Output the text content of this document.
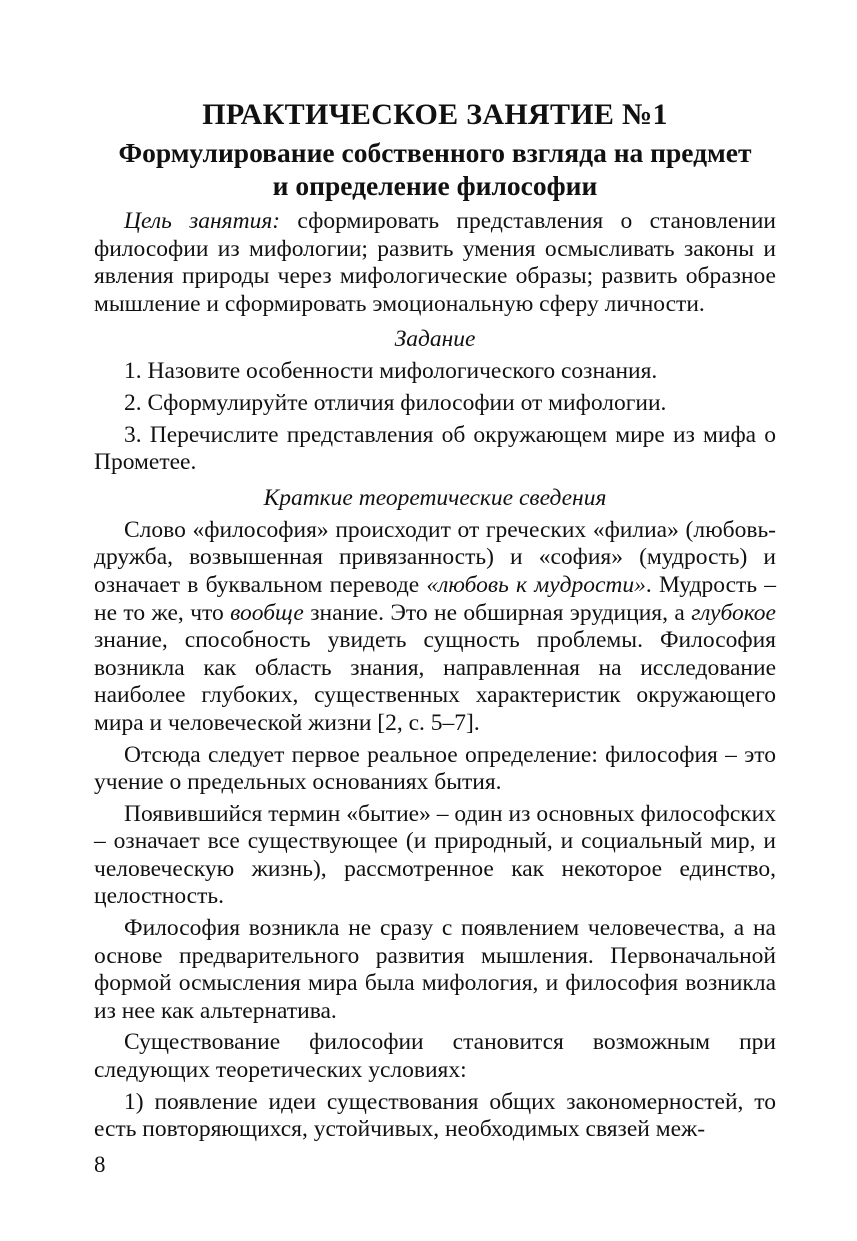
ПРАКТИЧЕСКОЕ ЗАНЯТИЕ №1
Формулирование собственного взгляда на предмет
и определение философии

Цель занятия: сформировать представления о становлении философии из мифологии; развить умения осмысливать законы и явления природы через мифологические образы; развить образное мышление и сформировать эмоциональную сферу личности.

Задание

1. Назовите особенности мифологического сознания.

2. Сформулируйте отличия философии от мифологии.

3. Перечислите представления об окружающем мире из мифа о Прометее.

Краткие теоретические сведения

Слово «философия» происходит от греческих «филиа» (любовь-дружба, возвышенная привязанность) и «софия» (мудрость) и означает в буквальном переводе «любовь к мудрости». Мудрость – не то же, что вообще знание. Это не обширная эрудиция, а глубокое знание, способность увидеть сущность проблемы. Философия возникла как область знания, направленная на исследование наиболее глубоких, существенных характеристик окружающего мира и человеческой жизни [2, с. 5–7].

Отсюда следует первое реальное определение: философия – это учение о предельных основаниях бытия.

Появившийся термин «бытие» – один из основных философских – означает все существующее (и природный, и социальный мир, и человеческую жизнь), рассмотренное как некоторое единство, целостность.

Философия возникла не сразу с появлением человечества, а на основе предварительного развития мышления. Первоначальной формой осмысления мира была мифология, и философия возникла из нее как альтернатива.

Существование философии становится возможным при следующих теоретических условиях:

1) появление идеи существования общих закономерностей, то есть повторяющихся, устойчивых, необходимых связей меж-

8
